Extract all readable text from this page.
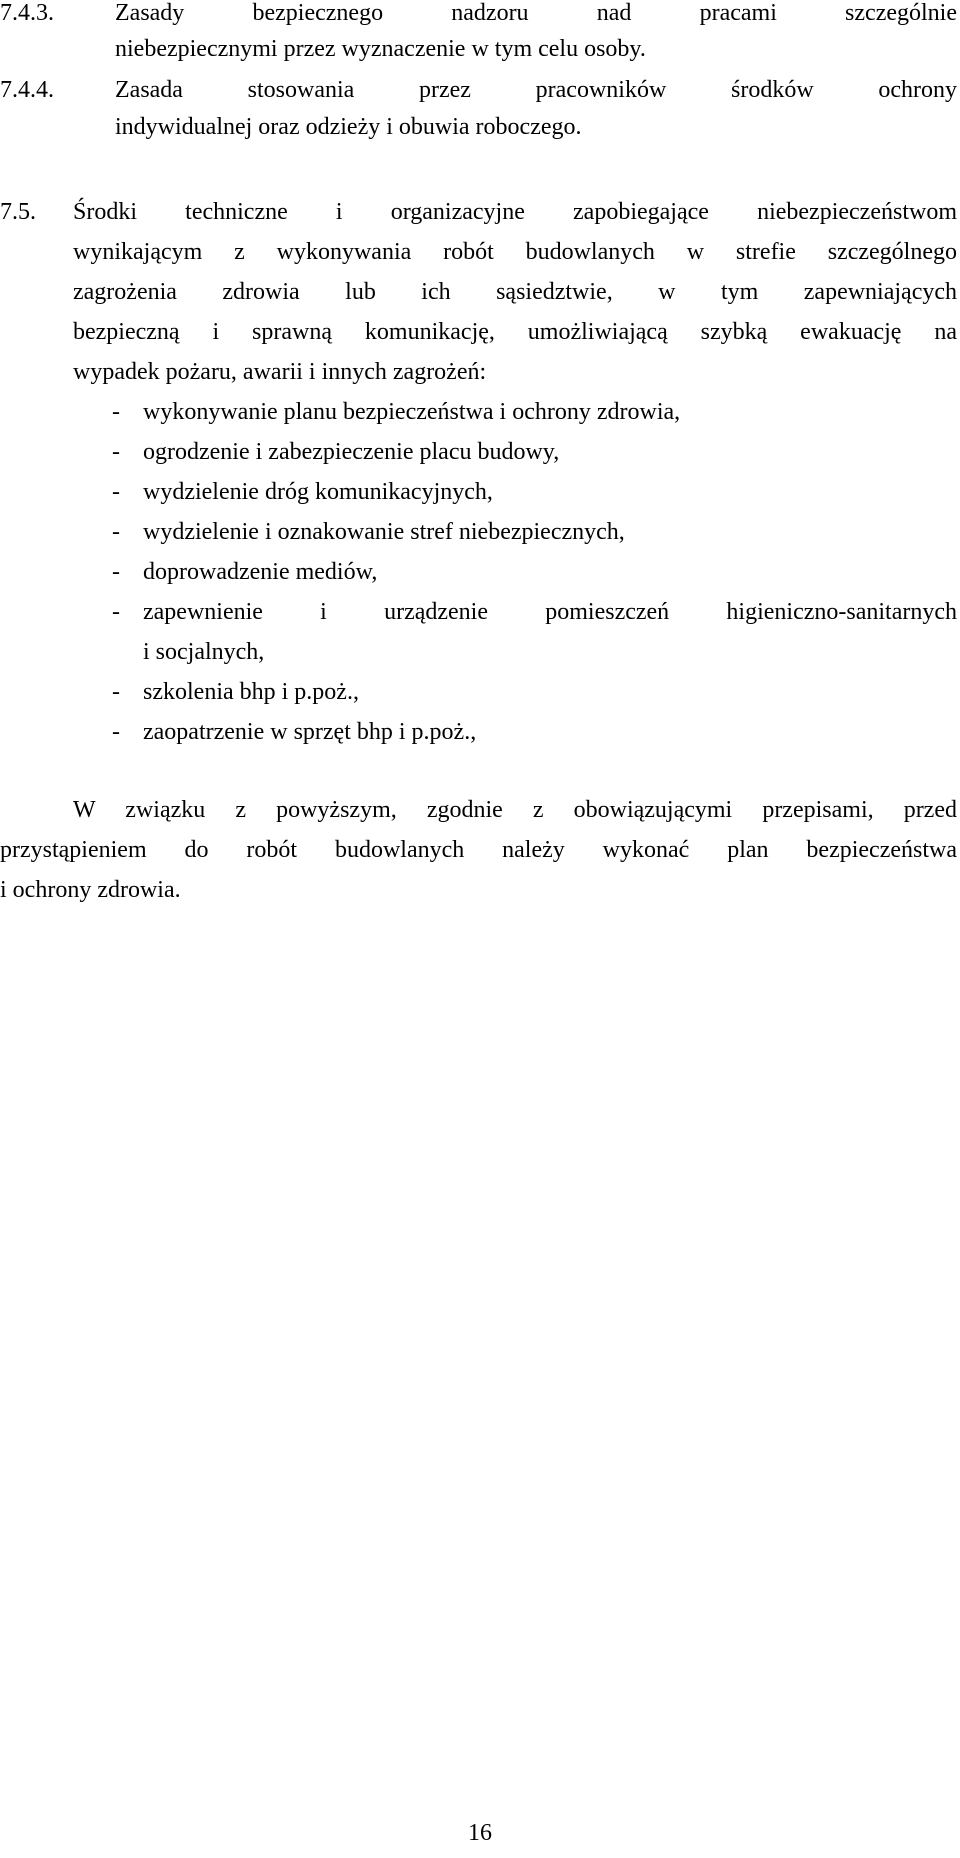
7.4.3.	Zasady bezpiecznego nadzoru nad pracami szczególnie
niebezpiecznymi przez wyznaczenie w tym celu osoby.
7.4.4.	Zasada stosowania przez pracowników środków ochrony
indywidualnej oraz odzieży i obuwia roboczego.
7.5. Środki techniczne i organizacyjne zapobiegające niebezpieczeństwom
wynikającym z wykonywania robót budowlanych w strefie szczególnego
zagrożenia zdrowia lub ich sąsiedztwie, w tym zapewniających
bezpieczną i sprawną komunikację, umożliwiającą szybką ewakuację na
wypadek pożaru, awarii i innych zagrożeń:
- wykonywanie planu bezpieczeństwa i ochrony zdrowia,
- ogrodzenie i zabezpieczenie placu budowy,
- wydzielenie dróg komunikacyjnych,
- wydzielenie i oznakowanie stref niebezpiecznych,
- doprowadzenie mediów,
- zapewnienie i urządzenie pomieszczeń higieniczno-sanitarnych
i socjalnych,
- szkolenia bhp i p.poż.,
- zaopatrzenie w sprzęt bhp i p.poż.,
W związku z powyższym, zgodnie z obowiązującymi przepisami, przed
przystąpieniem do robót budowlanych należy wykonać plan bezpieczeństwa
i ochrony zdrowia.
16
